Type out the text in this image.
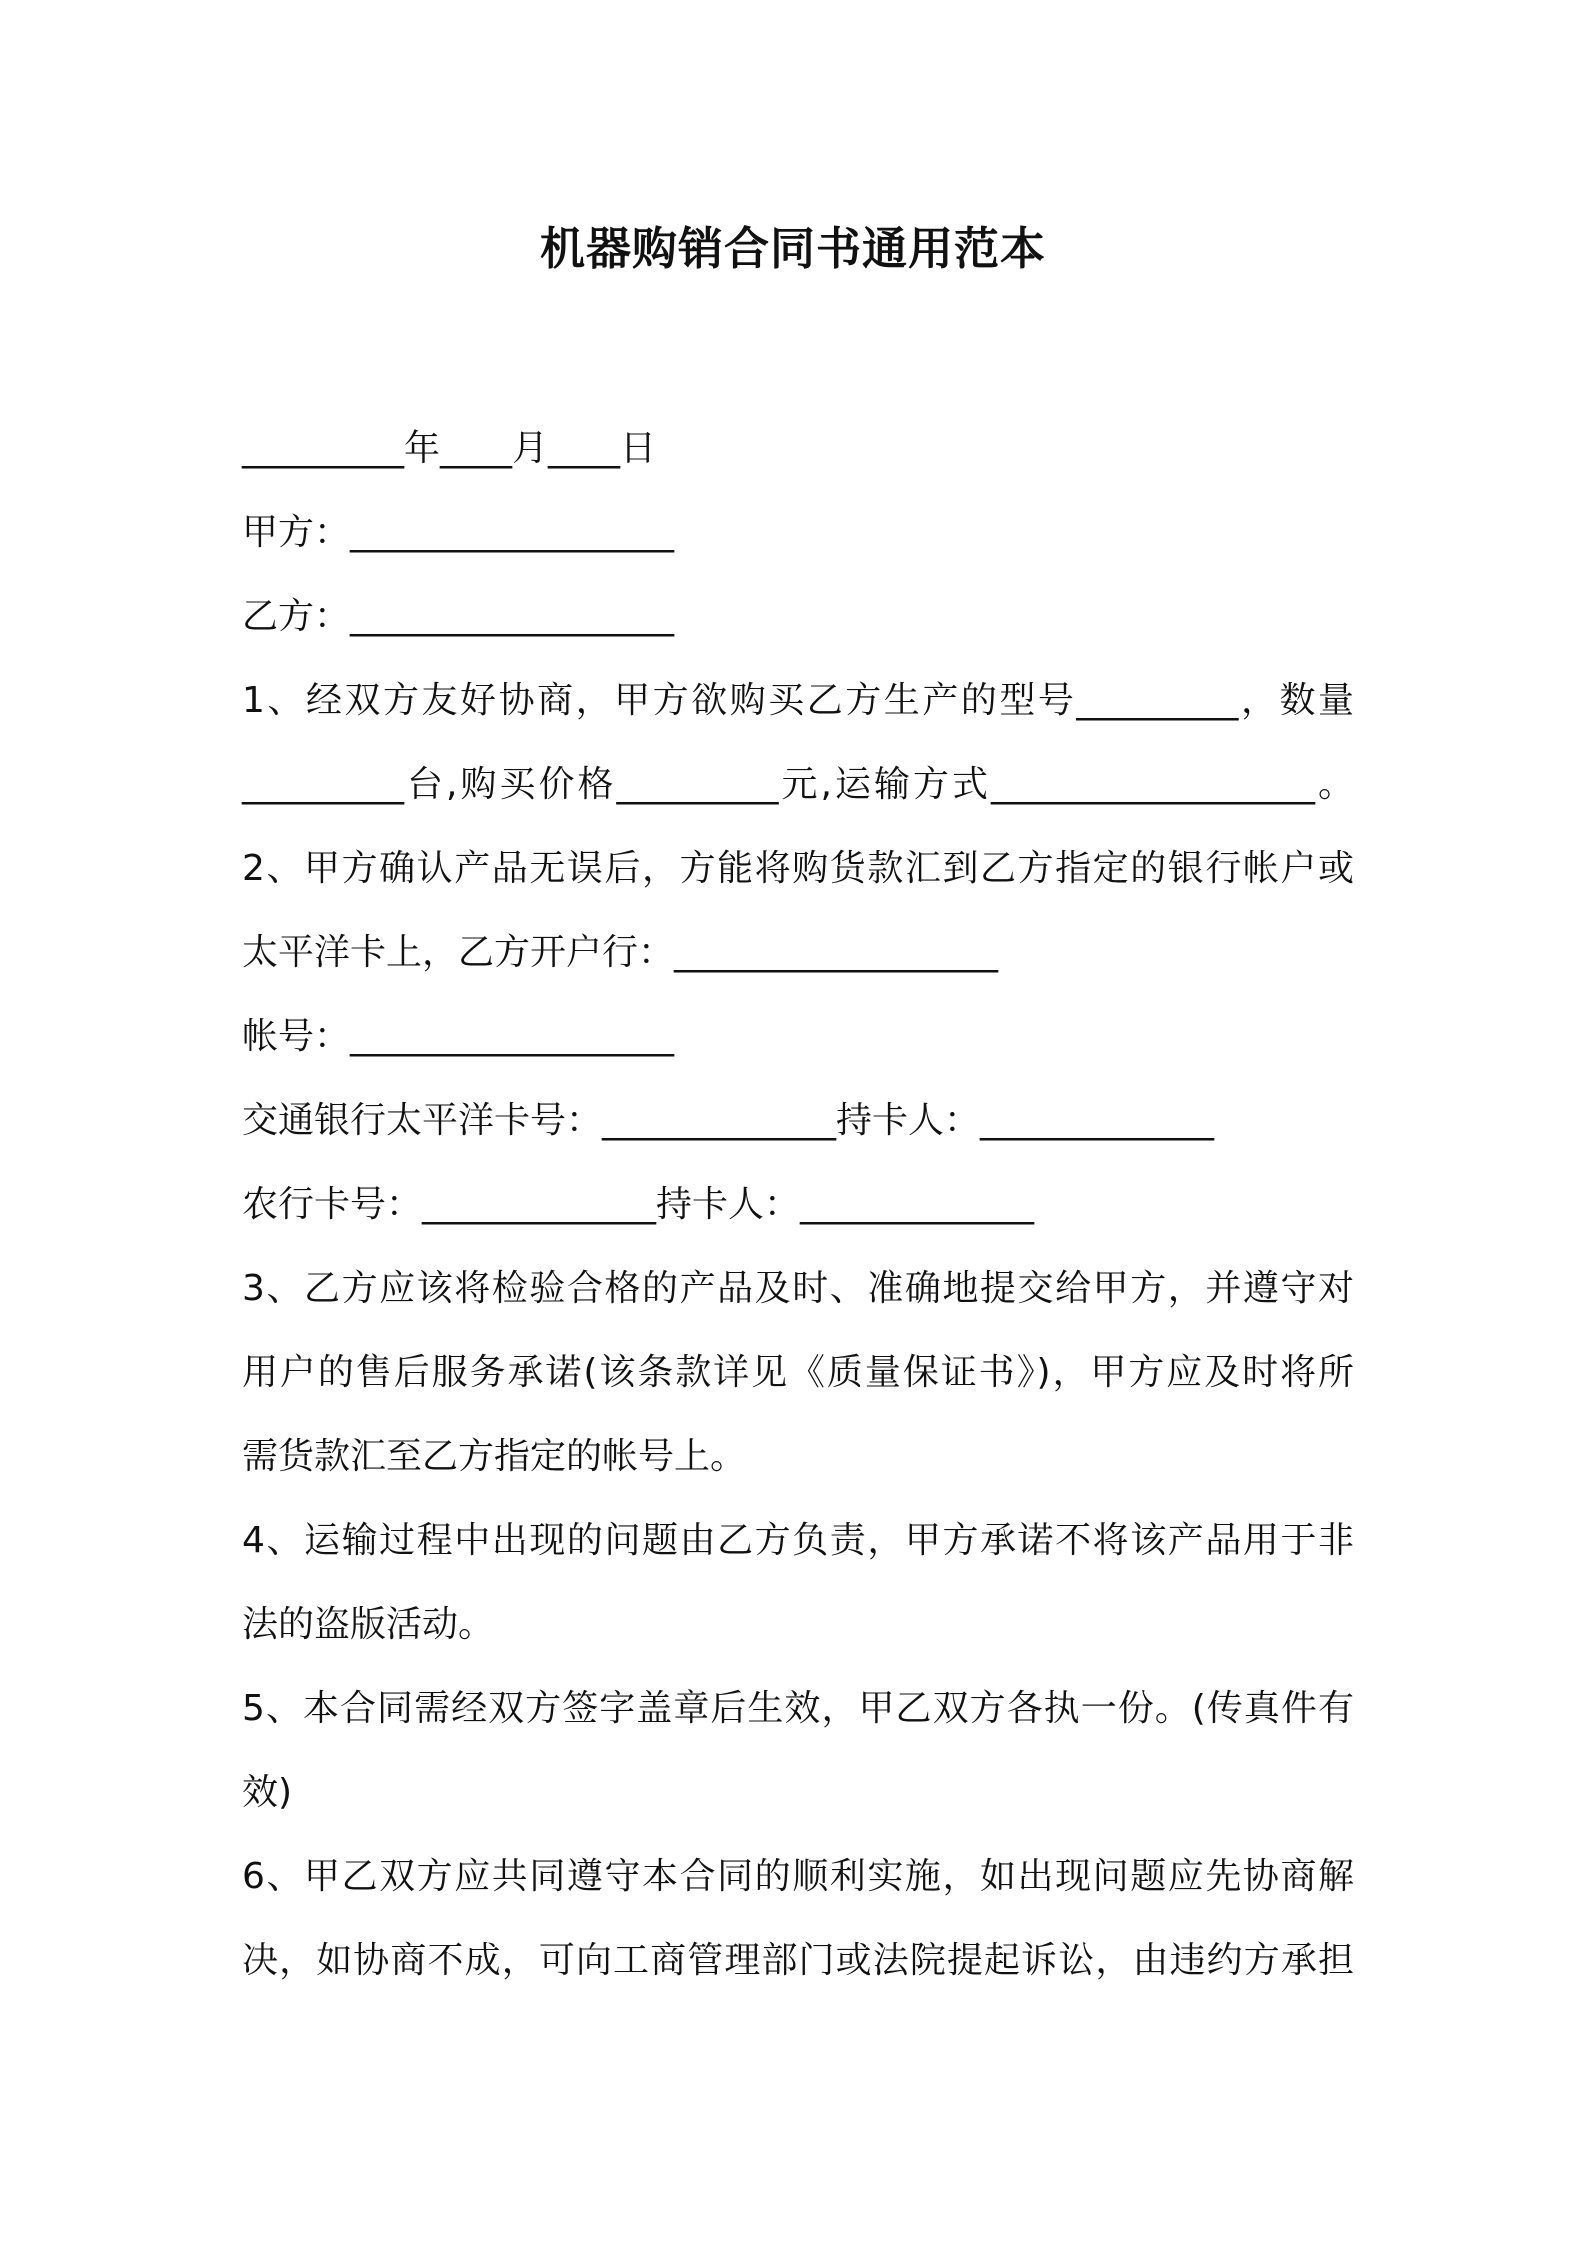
机器购销合同书通用范本
_________年____月____日
甲方：__________________
乙方：__________________
1、经双方友好协商，甲方欲购买乙方生产的型号_________，数量
_________台,购买价格_________元,运输方式__________________。
2、甲方确认产品无误后，方能将购货款汇到乙方指定的银行帐户或
太平洋卡上，乙方开户行：__________________
帐号：__________________
交通银行太平洋卡号：_____________持卡人：_____________
农行卡号：_____________持卡人：_____________
3、乙方应该将检验合格的产品及时、准确地提交给甲方，并遵守对
用户的售后服务承诺(该条款详见《质量保证书》)，甲方应及时将所
需货款汇至乙方指定的帐号上。
4、运输过程中出现的问题由乙方负责，甲方承诺不将该产品用于非
法的盗版活动。
5、本合同需经双方签字盖章后生效，甲乙双方各执一份。(传真件有
效)
6、甲乙双方应共同遵守本合同的顺利实施，如出现问题应先协商解
决，如协商不成，可向工商管理部门或法院提起诉讼，由违约方承担
